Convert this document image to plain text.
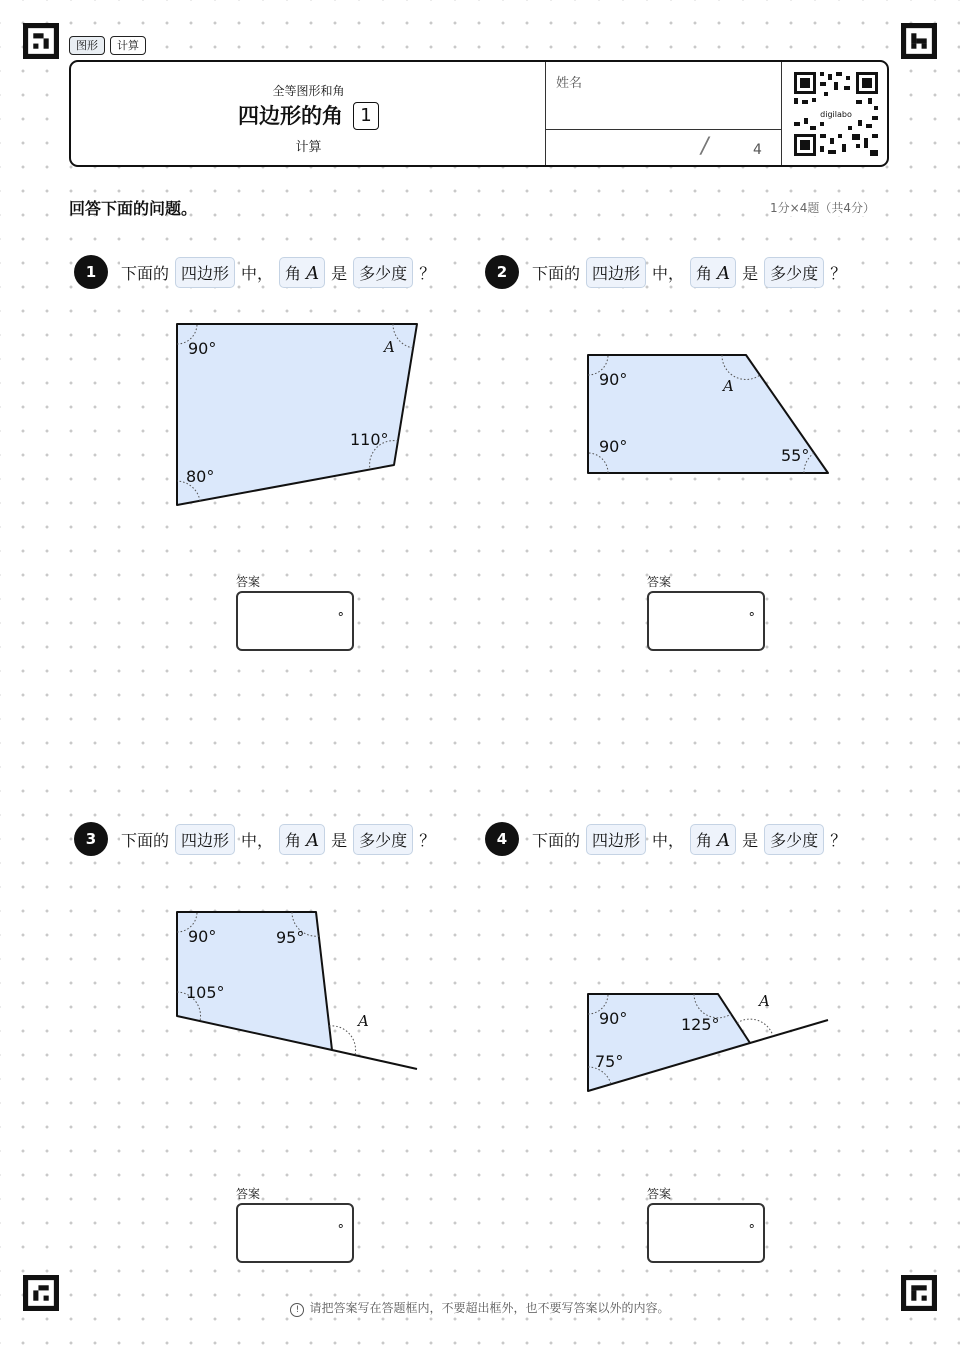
图形	计算
全等图形和角
四边形的角 1
计算
姓名
/	4
digilabo
回答下面的问题。	1分×4题（共4分）
90°
110°
80°
A
1	下面的 四边形 中， 角 A 是 多少度 ？
答案
°
90°
90°	55°
A
2	下面的 四边形 中， 角 A 是 多少度 ？
答案
°
90°	95°
105°
A
3	下面的 四边形 中， 角 A 是 多少度 ？
答案
°
90°	125°
75°
A
4	下面的 四边形 中， 角 A 是 多少度 ？
答案
°
! 请把答案写在答题框内，不要超出框外，也不要写答案以外的内容。
